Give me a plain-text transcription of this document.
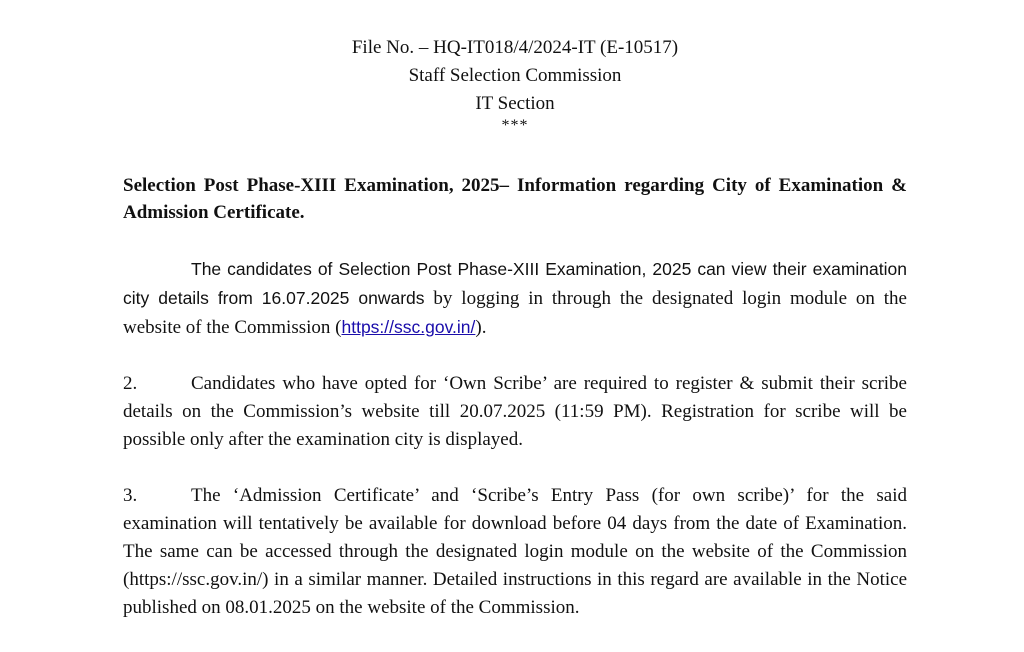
File No. – HQ-IT018/4/2024-IT (E-10517)
Staff Selection Commission
IT Section
***
Selection Post Phase-XIII Examination, 2025– Information regarding City of Examination & Admission Certificate.
The candidates of Selection Post Phase-XIII Examination, 2025 can view their examination city details from 16.07.2025 onwards by logging in through the designated login module on the website of the Commission (https://ssc.gov.in/).
2.	Candidates who have opted for ‘Own Scribe’ are required to register & submit their scribe details on the Commission’s website till 20.07.2025 (11:59 PM). Registration for scribe will be possible only after the examination city is displayed.
3.	The ‘Admission Certificate’ and ‘Scribe’s Entry Pass (for own scribe)’ for the said examination will tentatively be available for download before 04 days from the date of Examination. The same can be accessed through the designated login module on the website of the Commission (https://ssc.gov.in/) in a similar manner. Detailed instructions in this regard are available in the Notice published on 08.01.2025 on the website of the Commission.
